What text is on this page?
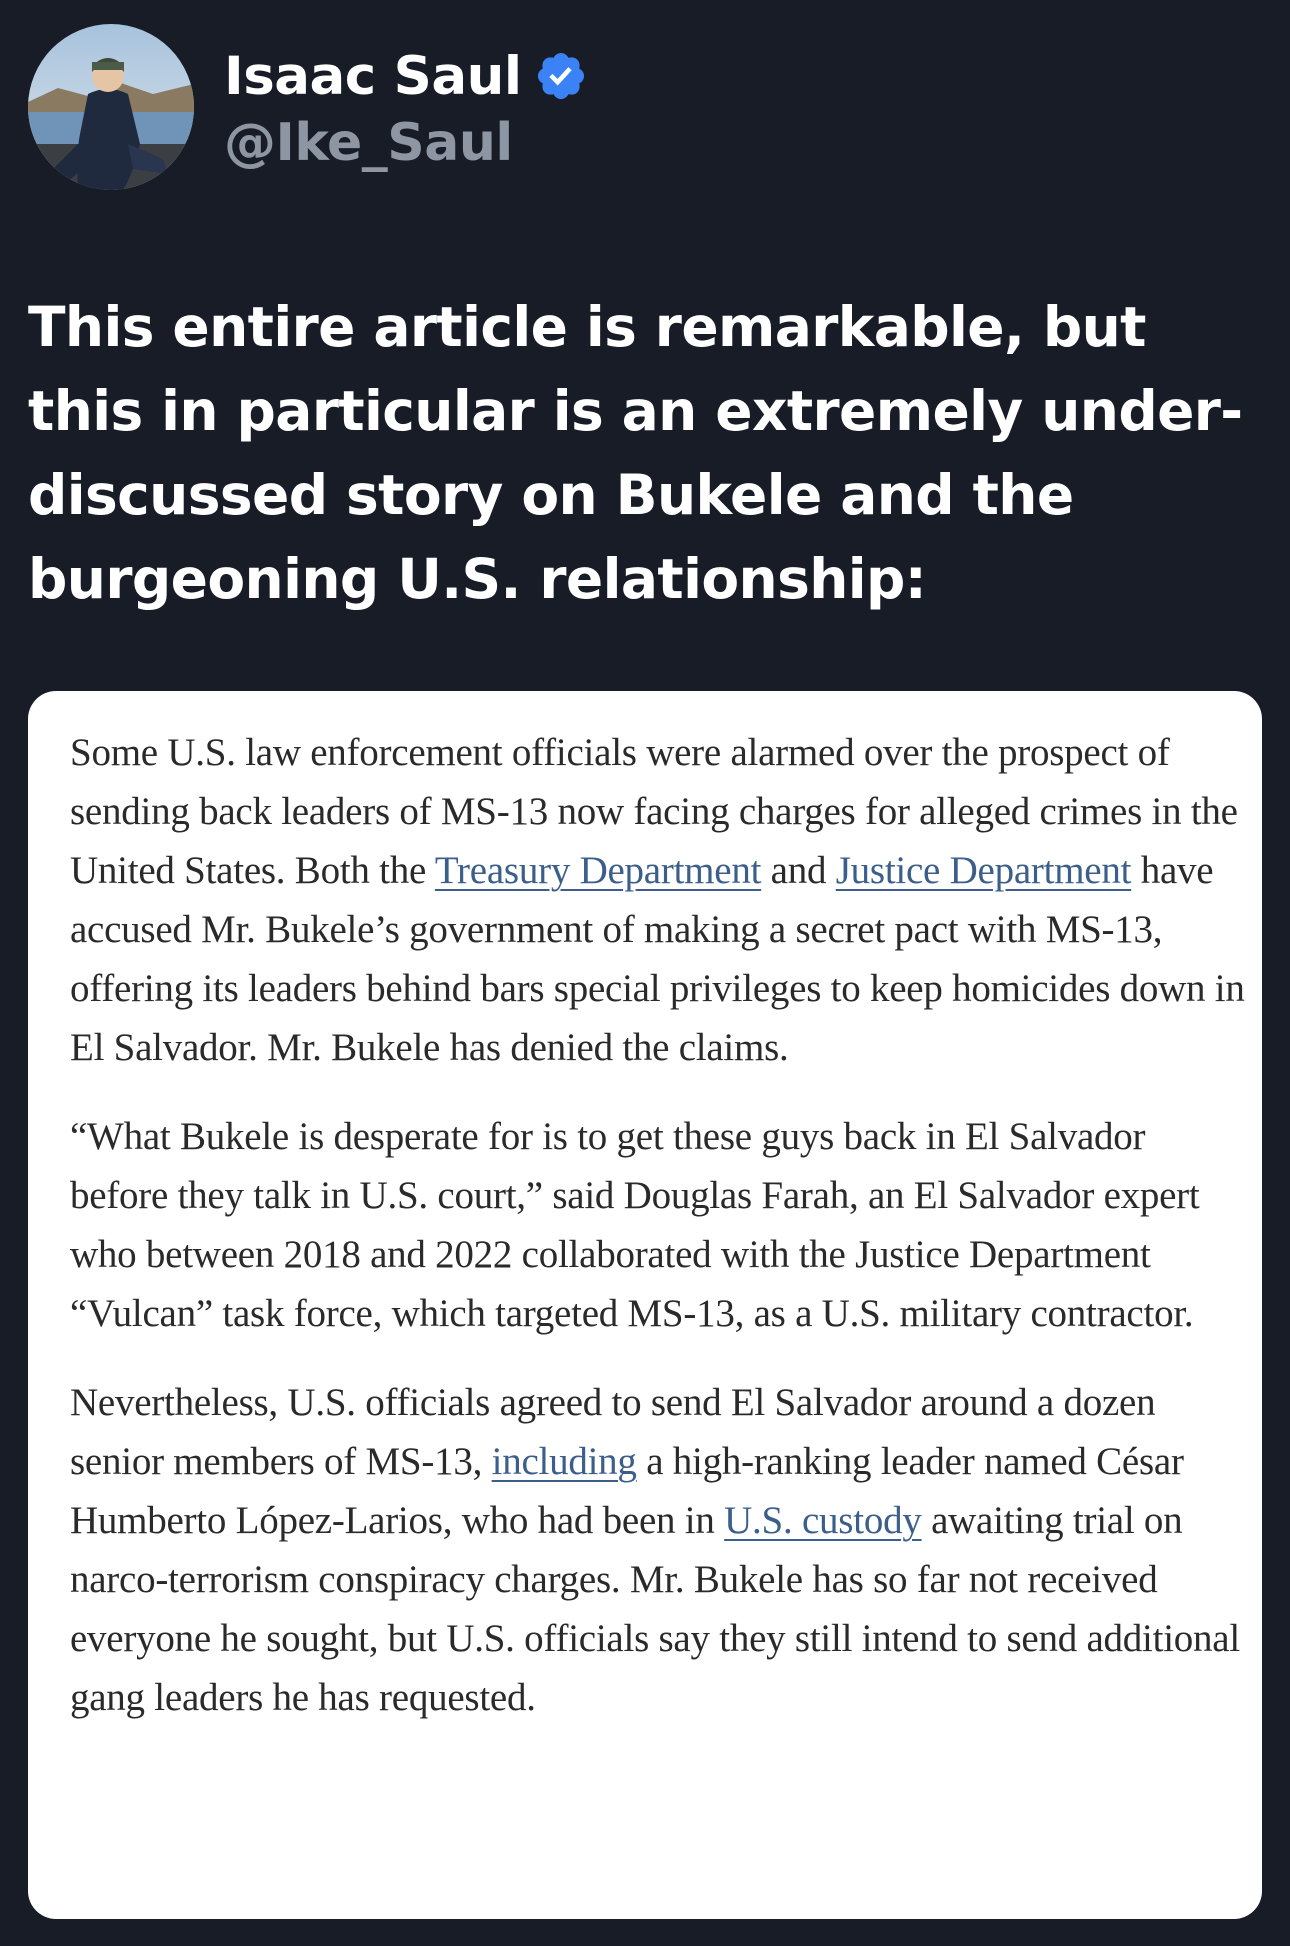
Isaac Saul
@Ike_Saul

This entire article is remarkable, but this in particular is an extremely under-discussed story on Bukele and the burgeoning U.S. relationship:

Some U.S. law enforcement officials were alarmed over the prospect of sending back leaders of MS-13 now facing charges for alleged crimes in the United States. Both the Treasury Department and Justice Department have accused Mr. Bukele’s government of making a secret pact with MS-13, offering its leaders behind bars special privileges to keep homicides down in El Salvador. Mr. Bukele has denied the claims.

“What Bukele is desperate for is to get these guys back in El Salvador before they talk in U.S. court,” said Douglas Farah, an El Salvador expert who between 2018 and 2022 collaborated with the Justice Department “Vulcan” task force, which targeted MS-13, as a U.S. military contractor.

Nevertheless, U.S. officials agreed to send El Salvador around a dozen senior members of MS-13, including a high-ranking leader named César Humberto López-Larios, who had been in U.S. custody awaiting trial on narco-terrorism conspiracy charges. Mr. Bukele has so far not received everyone he sought, but U.S. officials say they still intend to send additional gang leaders he has requested.
